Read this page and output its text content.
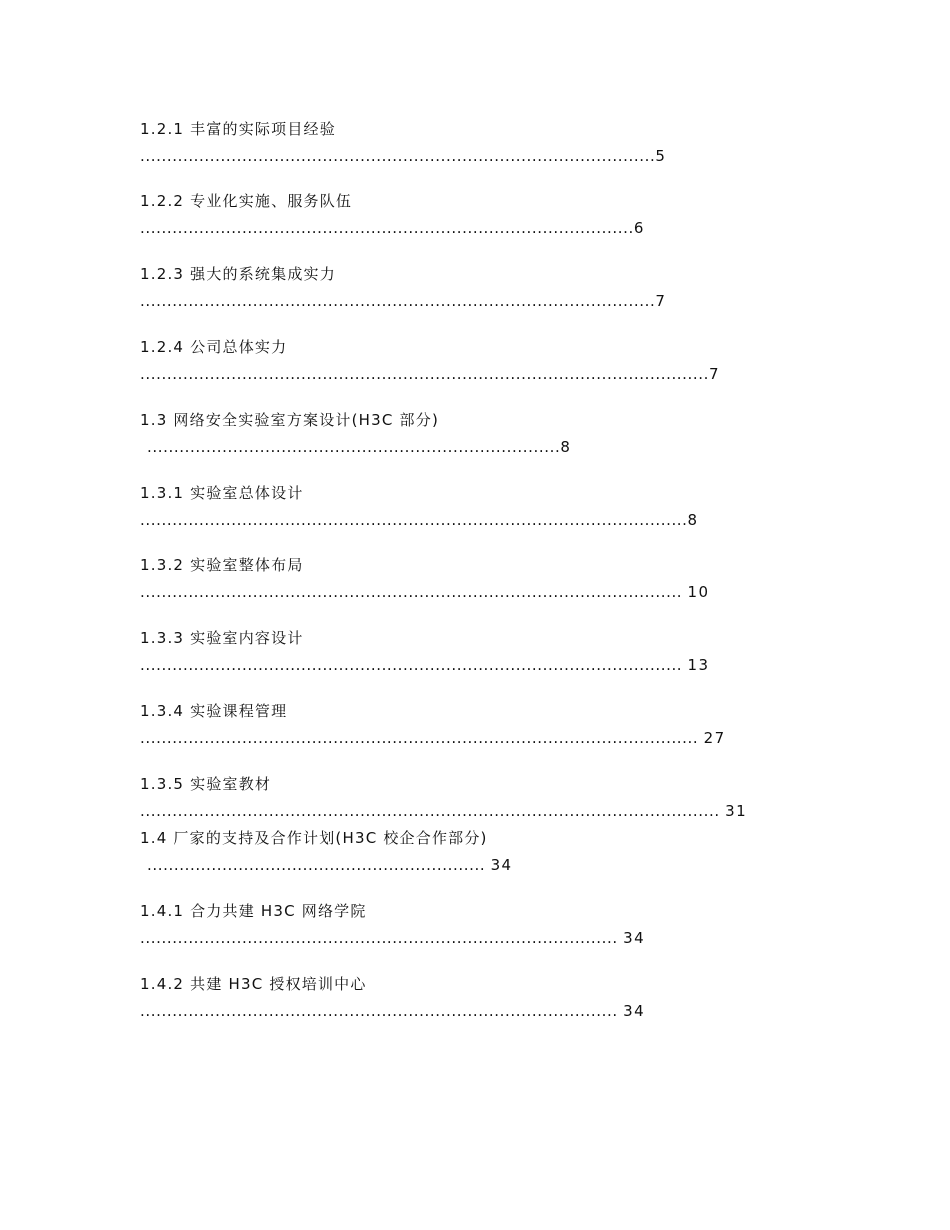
1.2.1 丰富的实际项目经验
................................................................................................5
1.2.2 专业化实施、服务队伍
............................................................................................6
1.2.3 强大的系统集成实力
................................................................................................7
1.2.4 公司总体实力
..........................................................................................................7
1.3 网络安全实验室方案设计(H3C 部分)
.............................................................................8
1.3.1 实验室总体设计
......................................................................................................8
1.3.2 实验室整体布局
..................................................................................................... 10
1.3.3 实验室内容设计
..................................................................................................... 13
1.3.4 实验课程管理
........................................................................................................ 27
1.3.5 实验室教材
............................................................................................................ 31
1.4 厂家的支持及合作计划(H3C 校企合作部分)
............................................................... 34
1.4.1 合力共建 H3C 网络学院
......................................................................................... 34
1.4.2 共建 H3C 授权培训中心
......................................................................................... 34
